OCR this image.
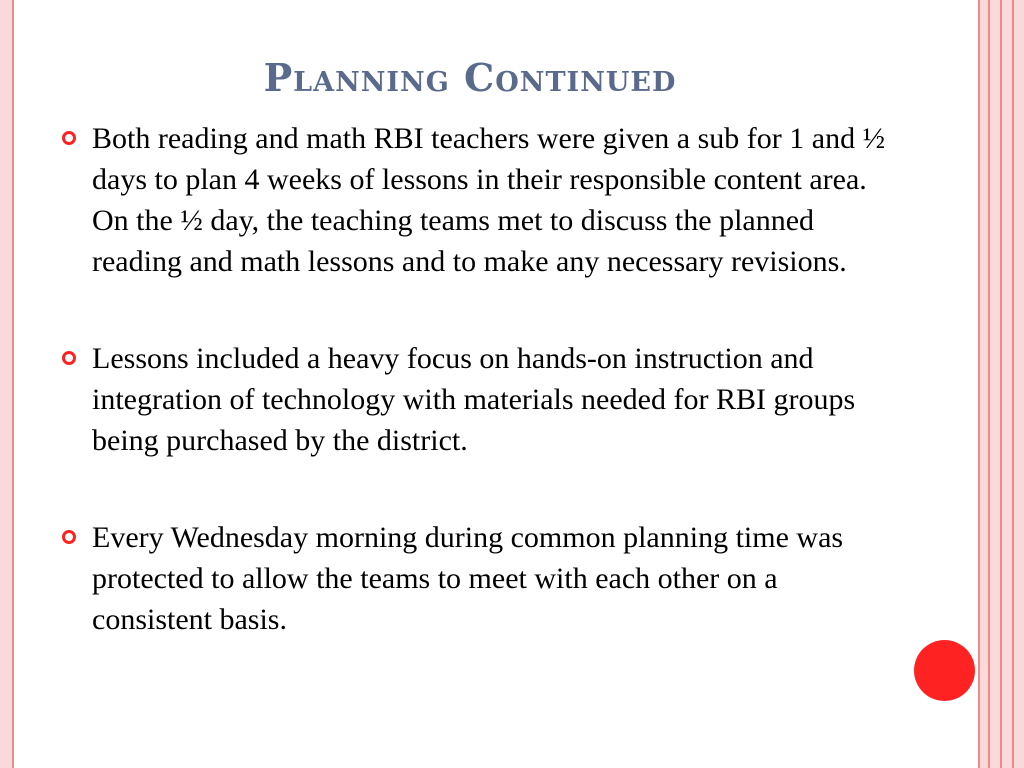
Planning Continued
Both reading and math RBI teachers were given a sub for 1 and ½ days to plan 4 weeks of lessons in their responsible content area. On the ½ day, the teaching teams met to discuss the planned reading and math lessons and to make any necessary revisions.
Lessons included a heavy focus on hands-on instruction and integration of technology with materials needed for RBI groups being purchased by the district.
Every Wednesday morning during common planning time was protected to allow the teams to meet with each other on a consistent basis.
